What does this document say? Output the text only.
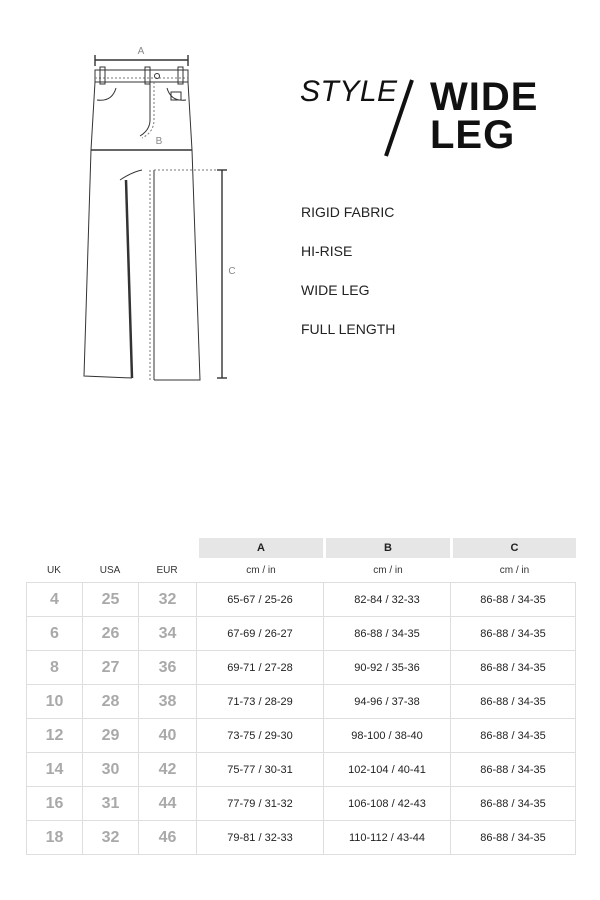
A
B
C
STYLE WIDE
LEG
RIGID FABRIC
HI-RISE
WIDE LEG
FULL LENGTH
			A	B	C
UK	USA	EUR	cm / in	cm / in	cm / in
4	25	32	65-67 / 25-26	82-84 / 32-33	86-88 / 34-35
6	26	34	67-69 / 26-27	86-88 / 34-35	86-88 / 34-35
8	27	36	69-71 / 27-28	90-92 / 35-36	86-88 / 34-35
10	28	38	71-73 / 28-29	94-96 / 37-38	86-88 / 34-35
12	29	40	73-75 / 29-30	98-100 / 38-40	86-88 / 34-35
14	30	42	75-77 / 30-31	102-104 / 40-41	86-88 / 34-35
16	31	44	77-79 / 31-32	106-108 / 42-43	86-88 / 34-35
18	32	46	79-81 / 32-33	110-112 / 43-44	86-88 / 34-35
